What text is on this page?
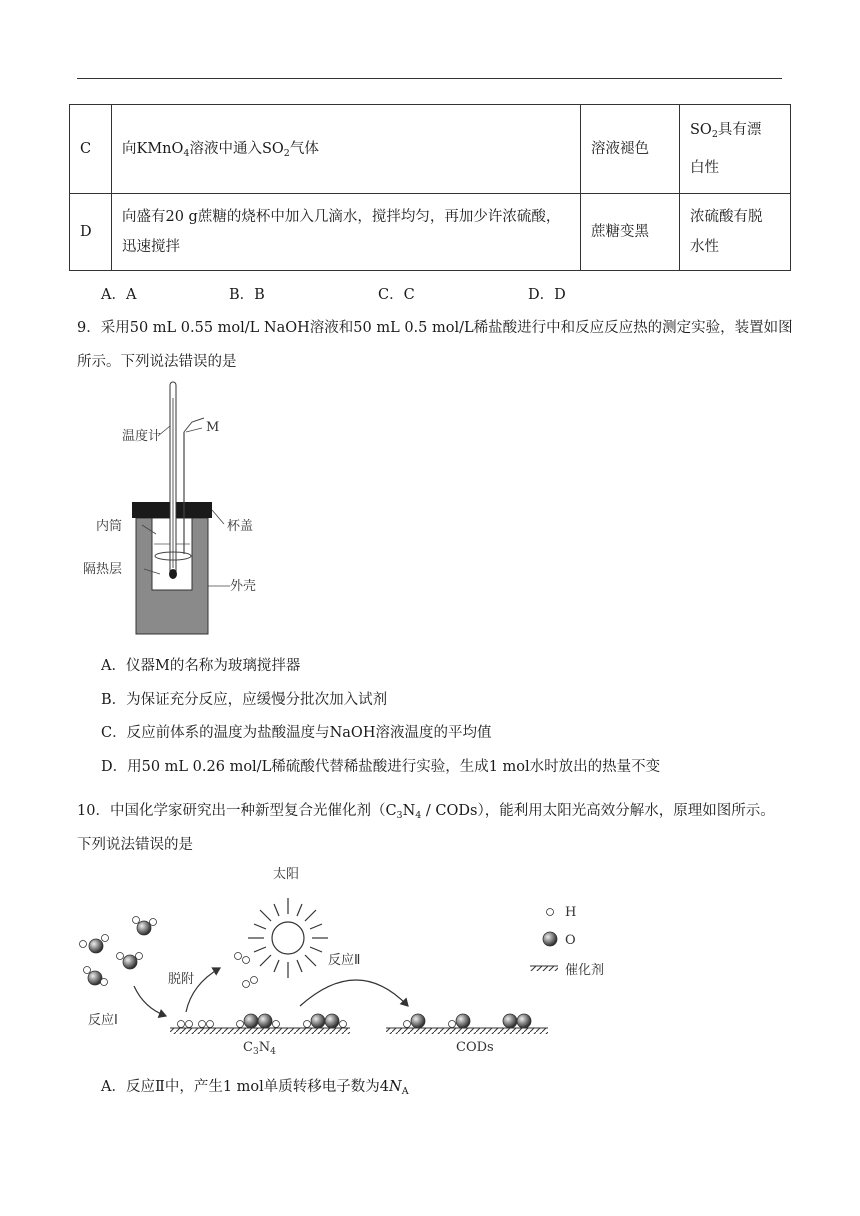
C	向KMnO$_4$溶液中通入$SO_2$气体	溶液褪色	$SO_2$具有漂
白性
D	向盛有20 g蔗糖的烧杯中加入几滴水，搅拌均匀，再加少许浓硫酸，
迅速搅拌	蔗糖变黑	浓硫酸有脱
水性
A．A	B．B	C．C	D．D
9．采用50 mL 0.55 mol/L NaOH溶液和50 mL 0.5 mol/L稀盐酸进行中和反应反应热的测定实验，装置如图
所示。下列说法错误的是
温度计
M
内筒	杯盖
隔热层
外壳
A．仪器M的名称为玻璃搅拌器
B．为保证充分反应，应缓慢分批次加入试剂
C．反应前体系的温度为盐酸温度与NaOH溶液温度的平均值
D．用50 mL 0.26 mol/L稀硫酸代替稀盐酸进行实验，生成1 mol水时放出的热量不变
10．中国化学家研究出一种新型复合光催化剂（$C_3N_4$ / CODs），能利用太阳光高效分解水，原理如图所示。
下列说法错误的是
太阳
反应Ⅰ
脱附
$C_3N_4$
反应Ⅱ
CODs
H
O
催化剂
A．反应Ⅱ中，产生1 mol单质转移电子数为$4N_A$
